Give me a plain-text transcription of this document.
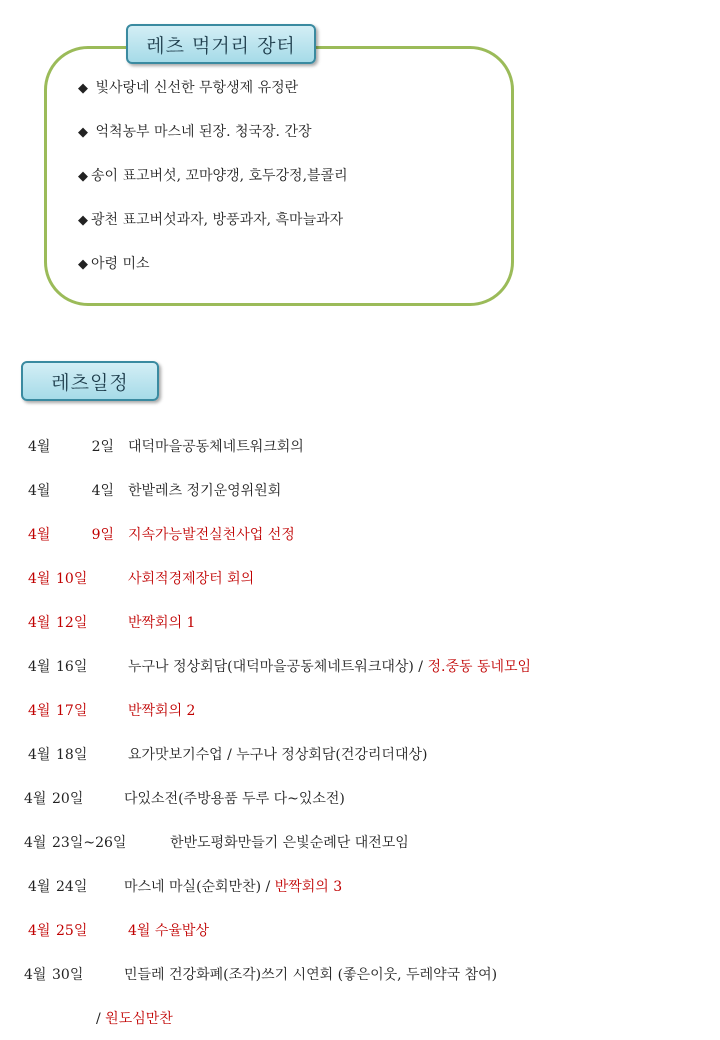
레츠 먹거리 장터
◆ 빛사랑네 신선한 무항생제 유정란
◆ 억척농부 마스네 된장. 청국장. 간장
◆ 송이 표고버섯, 꼬마양갱, 호두강정,블콜리
◆ 광천 표고버섯과자, 방풍과자, 흑마늘과자
◆ 아령 미소
레츠일정
4월	2일 대덕마을공동체네트워크회의
4월	4일 한밭레츠 정기운영위원회
4월	9일 지속가능발전실천사업 선정
4월 10일	사회적경제장터 회의
4월 12일	반짝회의 1
4월 16일	누구나 정상회담(대덕마을공동체네트워크대상) / 정.중동 동네모임
4월 17일	반짝회의 2
4월 18일	요가맛보기수업 / 누구나 정상회담(건강리더대상)
4월 20일	다있소전(주방용품 두루 다~있소전)
4월 23일~26일	한반도평화만들기 은빛순례단 대전모임
4월 24일	마스네 마실(순회만찬) / 반짝회의 3
4월 25일	4월 수율밥상
4월 30일	민들레 건강화폐(조각)쓰기 시연회 (좋은이웃, 두레약국 참여)
/ 원도심만찬
